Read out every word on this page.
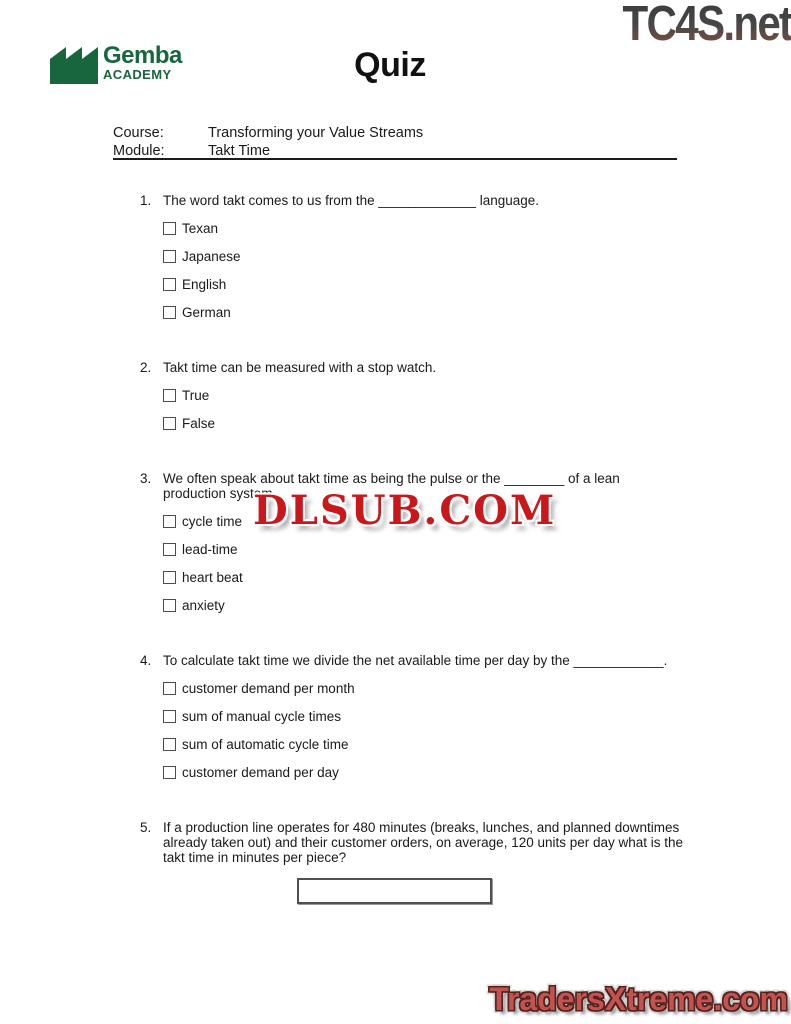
Gemba
ACADEMY	Quiz
TC4S.net
Course:	Transforming your Value Streams
Module:	Takt Time
1. The word takt comes to us from the _____________ language.
Texan
Japanese
English
German
2. Takt time can be measured with a stop watch.
True
False
3. We often speak about takt time as being the pulse or the ________ of a lean production system.
cycle time
lead-time
heart beat
anxiety
4. To calculate takt time we divide the net available time per day by the ____________.
customer demand per month
sum of manual cycle times
sum of automatic cycle time
customer demand per day
5. If a production line operates for 480 minutes (breaks, lunches, and planned downtimes already taken out) and their customer orders, on average, 120 units per day what is the takt time in minutes per piece?
DLSUB.COM
TradersXtreme.com
